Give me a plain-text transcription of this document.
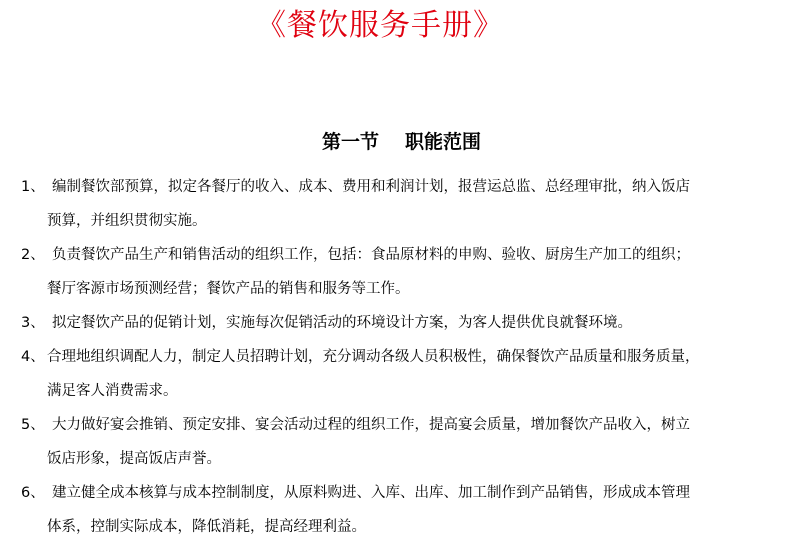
《餐饮服务手册》
第一节 职能范围
1、 编制餐饮部预算，拟定各餐厅的收入、成本、费用和利润计划，报营运总监、总经理审批，纳入饭店
预算，并组织贯彻实施。
2、 负责餐饮产品生产和销售活动的组织工作，包括：食品原材料的申购、验收、厨房生产加工的组织；
餐厅客源市场预测经营；餐饮产品的销售和服务等工作。
3、 拟定餐饮产品的促销计划，实施每次促销活动的环境设计方案，为客人提供优良就餐环境。
4、 合理地组织调配人力，制定人员招聘计划，充分调动各级人员积极性，确保餐饮产品质量和服务质量，
满足客人消费需求。
5、 大力做好宴会推销、预定安排、宴会活动过程的组织工作，提高宴会质量，增加餐饮产品收入，树立
饭店形象，提高饭店声誉。
6、 建立健全成本核算与成本控制制度，从原料购进、入库、出库、加工制作到产品销售，形成成本管理
体系，控制实际成本，降低消耗，提高经理利益。
